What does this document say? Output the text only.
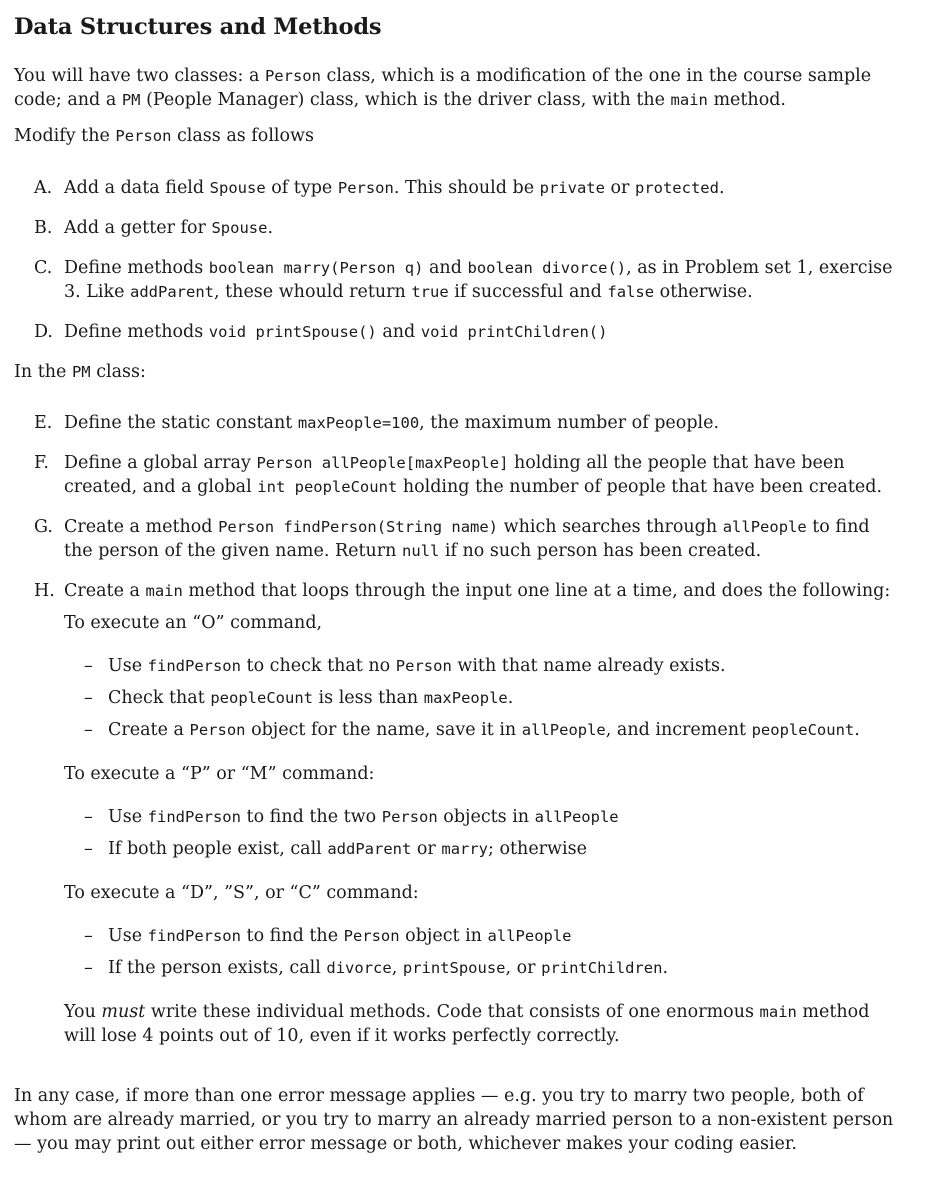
Data Structures and Methods

You will have two classes: a Person class, which is a modification of the one in the course sample code; and a PM (People Manager) class, which is the driver class, with the main method.

Modify the Person class as follows

A. Add a data field Spouse of type Person. This should be private or protected.
B. Add a getter for Spouse.
C. Define methods boolean marry(Person q) and boolean divorce(), as in Problem set 1, exercise 3. Like addParent, these whould return true if successful and false otherwise.
D. Define methods void printSpouse() and void printChildren()

In the PM class:

E. Define the static constant maxPeople=100, the maximum number of people.
F. Define a global array Person allPeople[maxPeople] holding all the people that have been created, and a global int peopleCount holding the number of people that have been created.
G. Create a method Person findPerson(String name) which searches through allPeople to find the person of the given name. Return null if no such person has been created.
H. Create a main method that loops through the input one line at a time, and does the following:

To execute an “O” command,

– Use findPerson to check that no Person with that name already exists.
– Check that peopleCount is less than maxPeople.
– Create a Person object for the name, save it in allPeople, and increment peopleCount.

To execute a “P” or “M” command:

– Use findPerson to find the two Person objects in allPeople
– If both people exist, call addParent or marry; otherwise

To execute a “D”, ”S”, or “C” command:

– Use findPerson to find the Person object in allPeople
– If the person exists, call divorce, printSpouse, or printChildren.

You must write these individual methods. Code that consists of one enormous main method will lose 4 points out of 10, even if it works perfectly correctly.

In any case, if more than one error message applies — e.g. you try to marry two people, both of whom are already married, or you try to marry an already married person to a non-existent person — you may print out either error message or both, whichever makes your coding easier.
